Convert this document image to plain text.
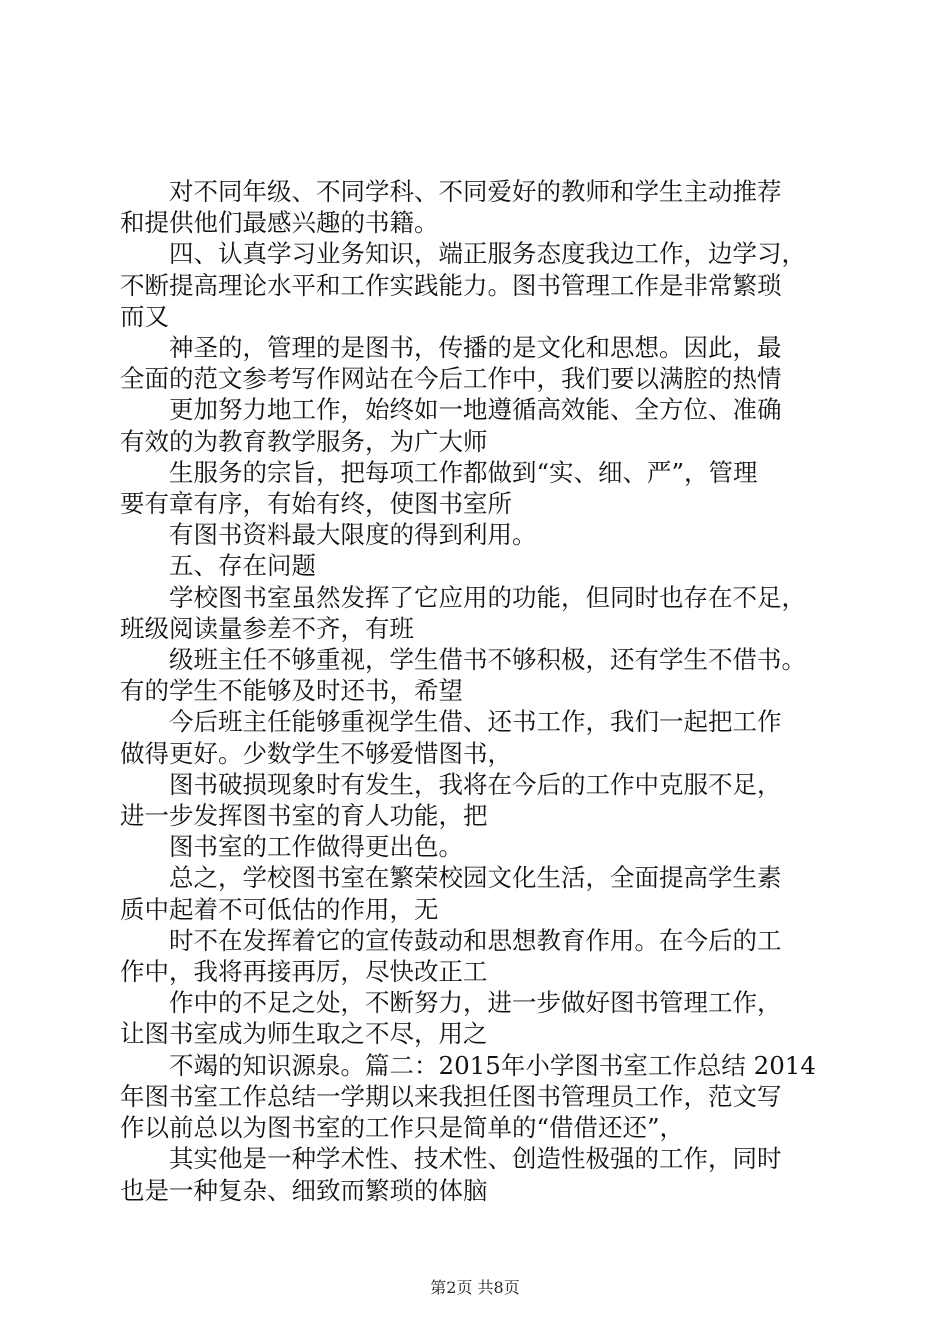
对不同年级、不同学科、不同爱好的教师和学生主动推荐
和提供他们最感兴趣的书籍。
四、认真学习业务知识，端正服务态度我边工作，边学习，
不断提高理论水平和工作实践能力。图书管理工作是非常繁琐
而又
神圣的，管理的是图书，传播的是文化和思想。因此，最
全面的范文参考写作网站在今后工作中，我们要以满腔的热情
更加努力地工作，始终如一地遵循高效能、全方位、准确
有效的为教育教学服务，为广大师
生服务的宗旨，把每项工作都做到“实、细、严”，管理
要有章有序，有始有终，使图书室所
有图书资料最大限度的得到利用。
五、存在问题
学校图书室虽然发挥了它应用的功能，但同时也存在不足，
班级阅读量参差不齐，有班
级班主任不够重视，学生借书不够积极，还有学生不借书。
有的学生不能够及时还书，希望
今后班主任能够重视学生借、还书工作，我们一起把工作
做得更好。少数学生不够爱惜图书，
图书破损现象时有发生，我将在今后的工作中克服不足，
进一步发挥图书室的育人功能，把
图书室的工作做得更出色。
总之，学校图书室在繁荣校园文化生活，全面提高学生素
质中起着不可低估的作用，无
时不在发挥着它的宣传鼓动和思想教育作用。在今后的工
作中，我将再接再厉，尽快改正工
作中的不足之处，不断努力，进一步做好图书管理工作，
让图书室成为师生取之不尽，用之
不竭的知识源泉。篇二：2015年小学图书室工作总结 2014
年图书室工作总结一学期以来我担任图书管理员工作，范文写
作以前总以为图书室的工作只是简单的“借借还还”，
其实他是一种学术性、技术性、创造性极强的工作，同时
也是一种复杂、细致而繁琐的体脑
第2页 共8页
